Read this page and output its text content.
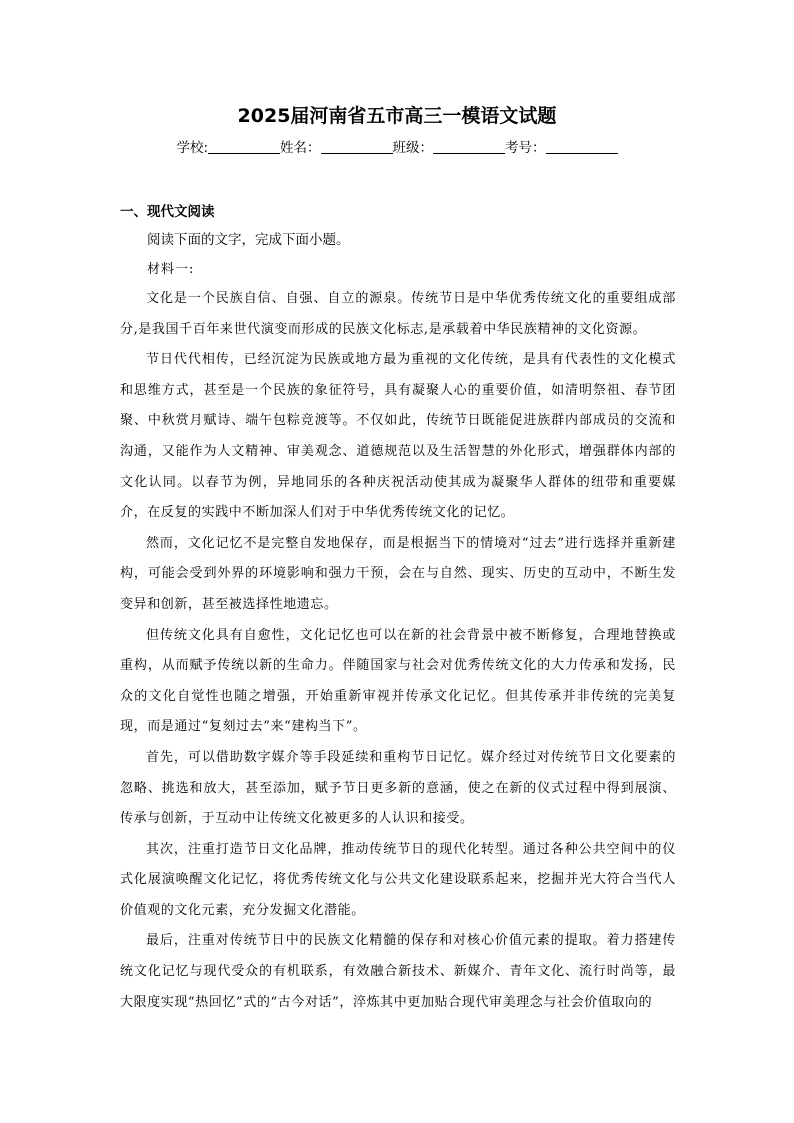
2025届河南省五市高三一模语文试题
学校:	姓名：	班级：	考号：
一、现代文阅读
阅读下面的文字，完成下面小题。
材料一:

文化是一个民族自信、自强、自立的源泉。传统节日是中华优秀传统文化的重要组成部分,是我国千百年来世代演变而形成的民族文化标志,是承载着中华民族精神的文化资源。

节日代代相传，已经沉淀为民族或地方最为重视的文化传统，是具有代表性的文化模式和思维方式，甚至是一个民族的象征符号，具有凝聚人心的重要价值，如清明祭祖、春节团聚、中秋赏月赋诗、端午包粽竞渡等。不仅如此，传统节日既能促进族群内部成员的交流和沟通，又能作为人文精神、审美观念、道德规范以及生活智慧的外化形式，增强群体内部的文化认同。以春节为例，异地同乐的各种庆祝活动使其成为凝聚华人群体的纽带和重要媒介，在反复的实践中不断加深人们对于中华优秀传统文化的记忆。

然而，文化记忆不是完整自发地保存，而是根据当下的情境对“过去”进行选择并重新建构，可能会受到外界的环境影响和强力干预，会在与自然、现实、历史的互动中，不断生发变异和创新，甚至被选择性地遗忘。

但传统文化具有自愈性，文化记忆也可以在新的社会背景中被不断修复，合理地替换或重构，从而赋予传统以新的生命力。伴随国家与社会对优秀传统文化的大力传承和发扬，民众的文化自觉性也随之增强，开始重新审视并传承文化记忆。但其传承并非传统的完美复现，而是通过“复刻过去”来“建构当下”。

首先，可以借助数字媒介等手段延续和重构节日记忆。媒介经过对传统节日文化要素的忽略、挑选和放大，甚至添加，赋予节日更多新的意涵，使之在新的仪式过程中得到展演、传承与创新，于互动中让传统文化被更多的人认识和接受。

其次，注重打造节日文化品牌，推动传统节日的现代化转型。通过各种公共空间中的仪式化展演唤醒文化记忆，将优秀传统文化与公共文化建设联系起来，挖掘并光大符合当代人价值观的文化元素，充分发掘文化潜能。

最后，注重对传统节日中的民族文化精髓的保存和对核心价值元素的提取。着力搭建传统文化记忆与现代受众的有机联系，有效融合新技术、新媒介、青年文化、流行时尚等，最大限度实现“热回忆”式的“古今对话”，淬炼其中更加贴合现代审美理念与社会价值取向的
